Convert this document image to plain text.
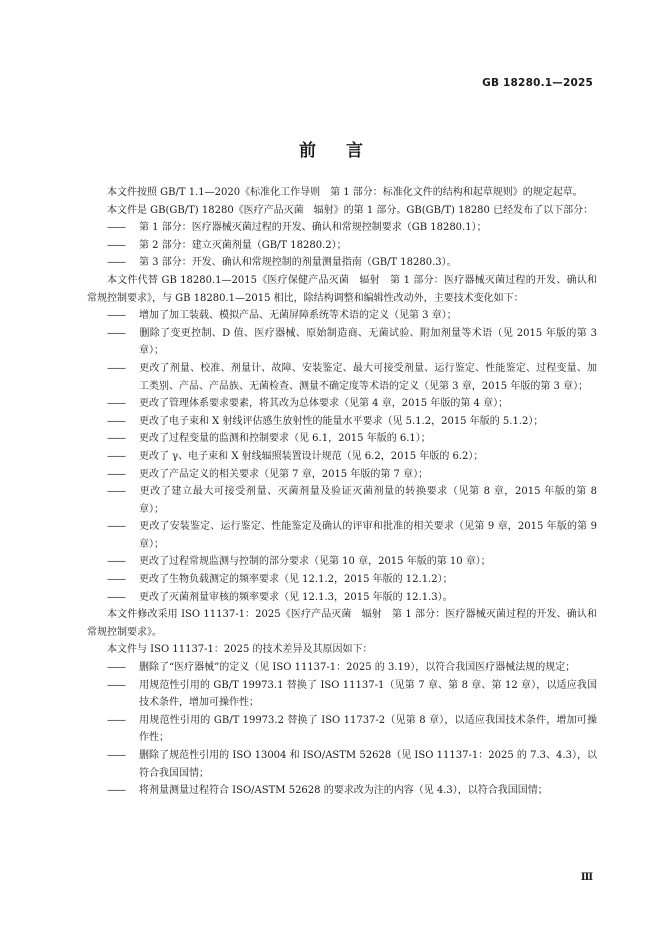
GB 18280.1—2025
前言

本文件按照 GB/T 1.1—2020《标准化工作导则　第 1 部分：标准化文件的结构和起草规则》的规定起草。

本文件是 GB(GB/T) 18280《医疗产品灭菌　辐射》的第 1 部分。GB(GB/T) 18280 已经发布了以下部分：

—— 第 1 部分：医疗器械灭菌过程的开发、确认和常规控制要求（GB 18280.1）；

—— 第 2 部分：建立灭菌剂量（GB/T 18280.2）；

—— 第 3 部分：开发、确认和常规控制的剂量测量指南（GB/T 18280.3）。

本文件代替 GB 18280.1—2015《医疗保健产品灭菌　辐射　第 1 部分：医疗器械灭菌过程的开发、确认和常规控制要求》，与 GB 18280.1—2015 相比，除结构调整和编辑性改动外，主要技术变化如下：

—— 增加了加工装载、模拟产品、无菌屏障系统等术语的定义（见第 3 章）；

—— 删除了变更控制、D 值、医疗器械、原始制造商、无菌试验、附加剂量等术语（见 2015 年版的第 3 章）；

—— 更改了剂量、校准、剂量计、故障、安装鉴定、最大可接受剂量、运行鉴定、性能鉴定、过程变量、加工类别、产品、产品族、无菌检查、测量不确定度等术语的定义（见第 3 章，2015 年版的第 3 章）；

—— 更改了管理体系要求要素，将其改为总体要求（见第 4 章，2015 年版的第 4 章）；

—— 更改了电子束和 X 射线评估感生放射性的能量水平要求（见 5.1.2，2015 年版的 5.1.2）；

—— 更改了过程变量的监测和控制要求（见 6.1，2015 年版的 6.1）；

—— 更改了 γ、电子束和 X 射线辐照装置设计规范（见 6.2，2015 年版的 6.2）；

—— 更改了产品定义的相关要求（见第 7 章，2015 年版的第 7 章）；

—— 更改了建立最大可接受剂量、灭菌剂量及验证灭菌剂量的转换要求（见第 8 章，2015 年版的第 8 章）；

—— 更改了安装鉴定、运行鉴定、性能鉴定及确认的评审和批准的相关要求（见第 9 章，2015 年版的第 9 章）；

—— 更改了过程常规监测与控制的部分要求（见第 10 章，2015 年版的第 10 章）；

—— 更改了生物负载测定的频率要求（见 12.1.2，2015 年版的 12.1.2）；

—— 更改了灭菌剂量审核的频率要求（见 12.1.3，2015 年版的 12.1.3）。

本文件修改采用 ISO 11137-1：2025《医疗产品灭菌　辐射　第 1 部分：医疗器械灭菌过程的开发、确认和常规控制要求》。

本文件与 ISO 11137-1：2025 的技术差异及其原因如下：

—— 删除了“医疗器械”的定义（见 ISO 11137-1：2025 的 3.19），以符合我国医疗器械法规的规定；

—— 用规范性引用的 GB/T 19973.1 替换了 ISO 11137-1（见第 7 章、第 8 章、第 12 章），以适应我国技术条件，增加可操作性；

—— 用规范性引用的 GB/T 19973.2 替换了 ISO 11737-2（见第 8 章），以适应我国技术条件，增加可操作性；

—— 删除了规范性引用的 ISO 13004 和 ISO/ASTM 52628（见 ISO 11137-1：2025 的 7.3、4.3），以符合我国国情；

—— 将剂量测量过程符合 ISO/ASTM 52628 的要求改为注的内容（见 4.3），以符合我国国情；

Ⅲ
